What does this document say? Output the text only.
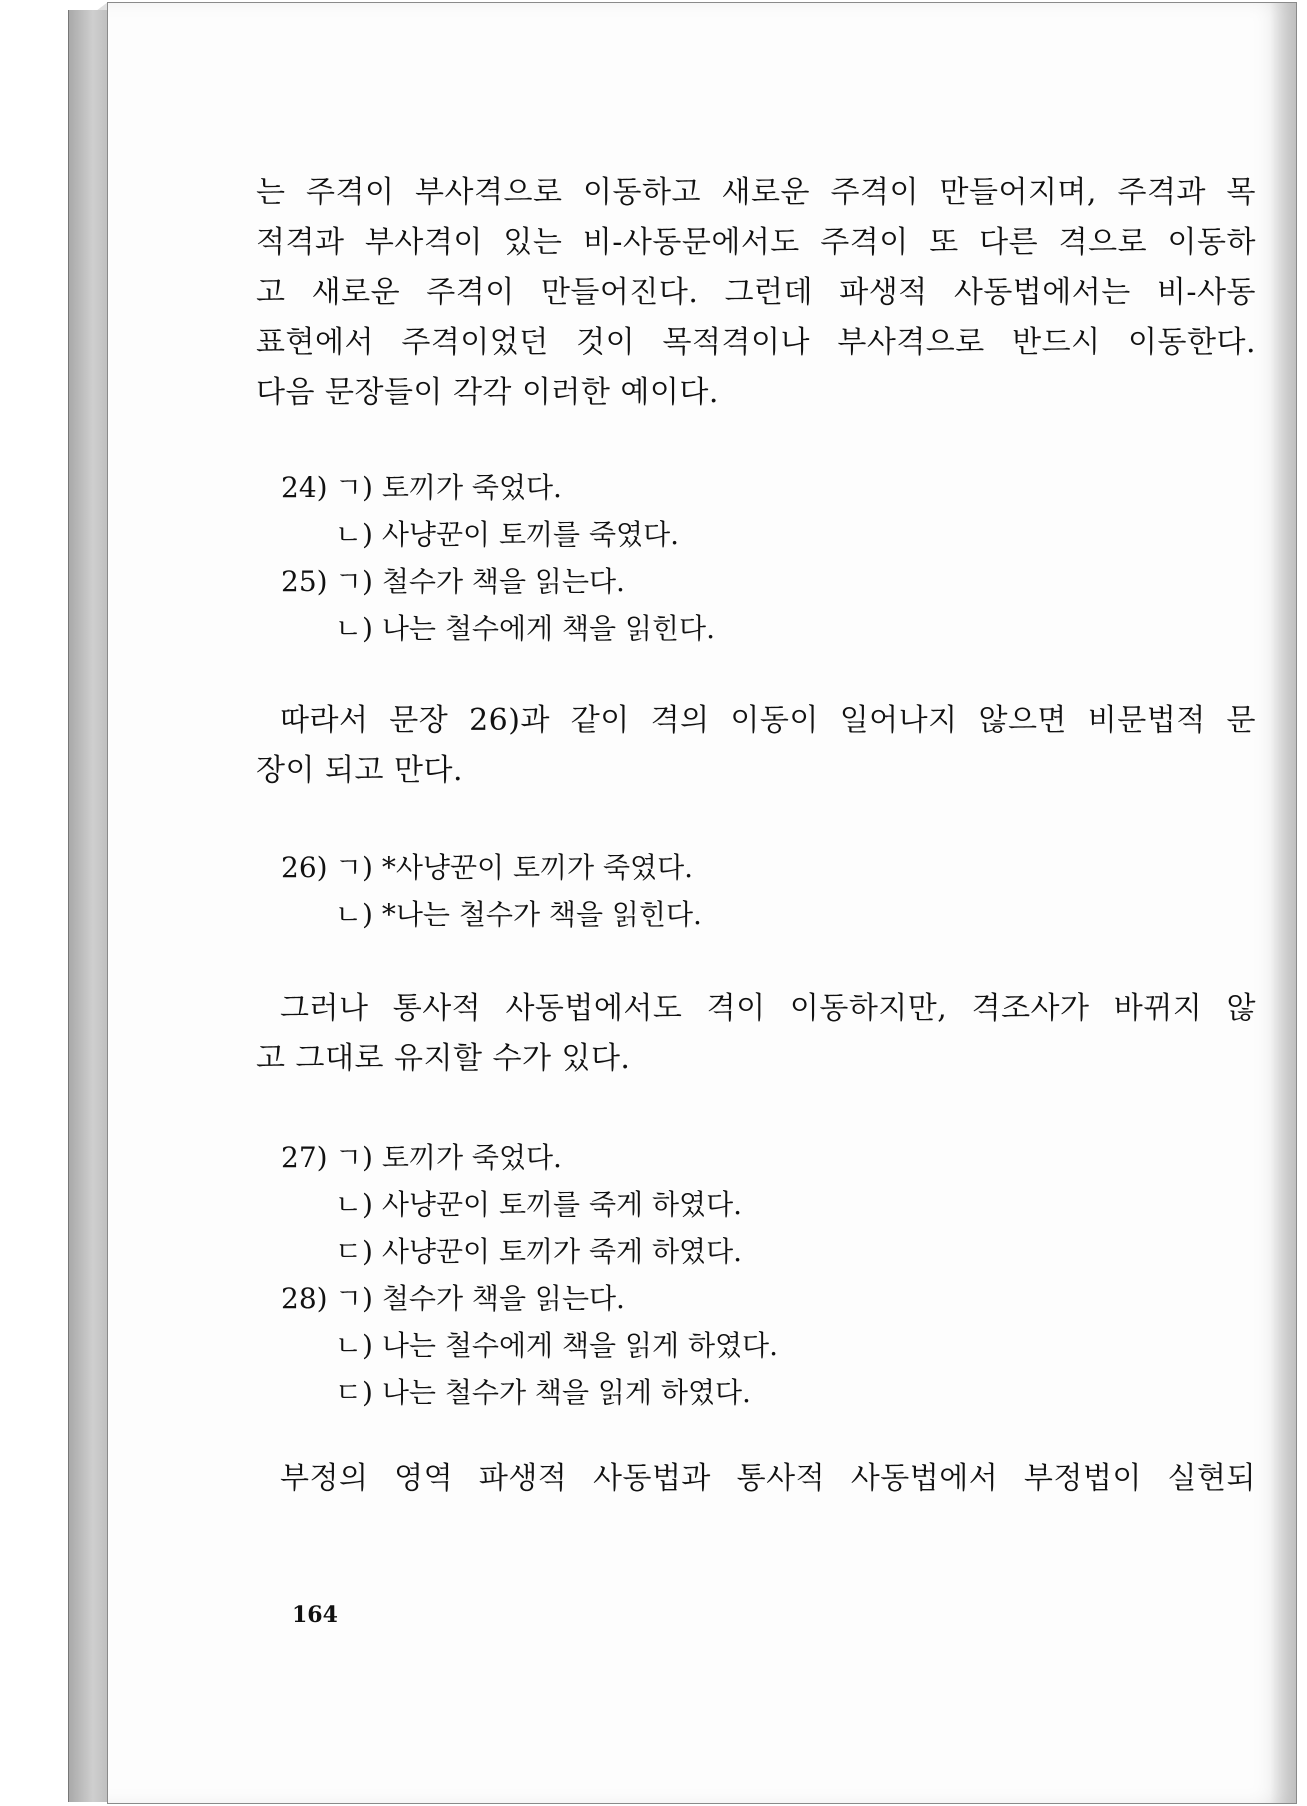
는 주격이 부사격으로 이동하고 새로운 주격이 만들어지며, 주격과 목
적격과 부사격이 있는 비-사동문에서도 주격이 또 다른 격으로 이동하
고 새로운 주격이 만들어진다. 그런데 파생적 사동법에서는 비-사동
표현에서 주격이었던 것이 목적격이나 부사격으로 반드시 이동한다.
다음 문장들이 각각 이러한 예이다.

24) ㄱ) 토끼가 죽었다.
ㄴ) 사냥꾼이 토끼를 죽였다.
25) ㄱ) 철수가 책을 읽는다.
ㄴ) 나는 철수에게 책을 읽힌다.

따라서 문장 26)과 같이 격의 이동이 일어나지 않으면 비문법적 문
장이 되고 만다.

26) ㄱ) *사냥꾼이 토끼가 죽였다.
ㄴ) *나는 철수가 책을 읽힌다.

그러나 통사적 사동법에서도 격이 이동하지만, 격조사가 바뀌지 않
고 그대로 유지할 수가 있다.

27) ㄱ) 토끼가 죽었다.
ㄴ) 사냥꾼이 토끼를 죽게 하였다.
ㄷ) 사냥꾼이 토끼가 죽게 하였다.
28) ㄱ) 철수가 책을 읽는다.
ㄴ) 나는 철수에게 책을 읽게 하였다.
ㄷ) 나는 철수가 책을 읽게 하였다.

부정의 영역 파생적 사동법과 통사적 사동법에서 부정법이 실현되

164
